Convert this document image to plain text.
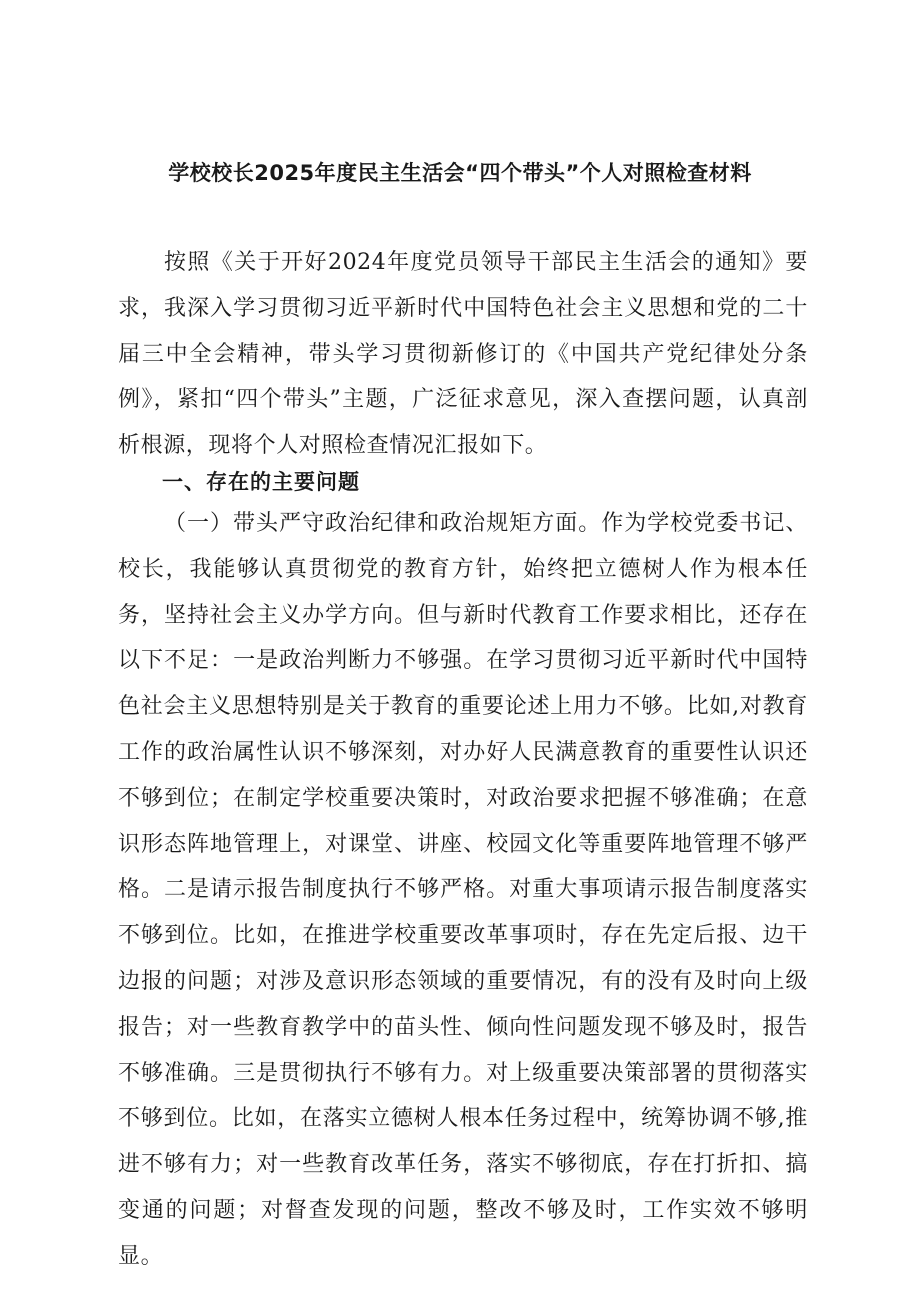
学校校长2025年度民主生活会“四个带头”个人对照检查材料

按照《关于开好2024年度党员领导干部民主生活会的通知》要求，我深入学习贯彻习近平新时代中国特色社会主义思想和党的二十届三中全会精神，带头学习贯彻新修订的《中国共产党纪律处分条例》，紧扣“四个带头”主题，广泛征求意见，深入查摆问题，认真剖析根源，现将个人对照检查情况汇报如下。

一、存在的主要问题

（一）带头严守政治纪律和政治规矩方面。作为学校党委书记、校长，我能够认真贯彻党的教育方针，始终把立德树人作为根本任务，坚持社会主义办学方向。但与新时代教育工作要求相比，还存在以下不足：一是政治判断力不够强。在学习贯彻习近平新时代中国特色社会主义思想特别是关于教育的重要论述上用力不够。比如,对教育工作的政治属性认识不够深刻，对办好人民满意教育的重要性认识还不够到位；在制定学校重要决策时，对政治要求把握不够准确；在意识形态阵地管理上，对课堂、讲座、校园文化等重要阵地管理不够严格。二是请示报告制度执行不够严格。对重大事项请示报告制度落实不够到位。比如，在推进学校重要改革事项时，存在先定后报、边干边报的问题；对涉及意识形态领域的重要情况，有的没有及时向上级报告；对一些教育教学中的苗头性、倾向性问题发现不够及时，报告不够准确。三是贯彻执行不够有力。对上级重要决策部署的贯彻落实不够到位。比如，在落实立德树人根本任务过程中，统筹协调不够,推进不够有力；对一些教育改革任务，落实不够彻底，存在打折扣、搞变通的问题；对督查发现的问题，整改不够及时，工作实效不够明显。
